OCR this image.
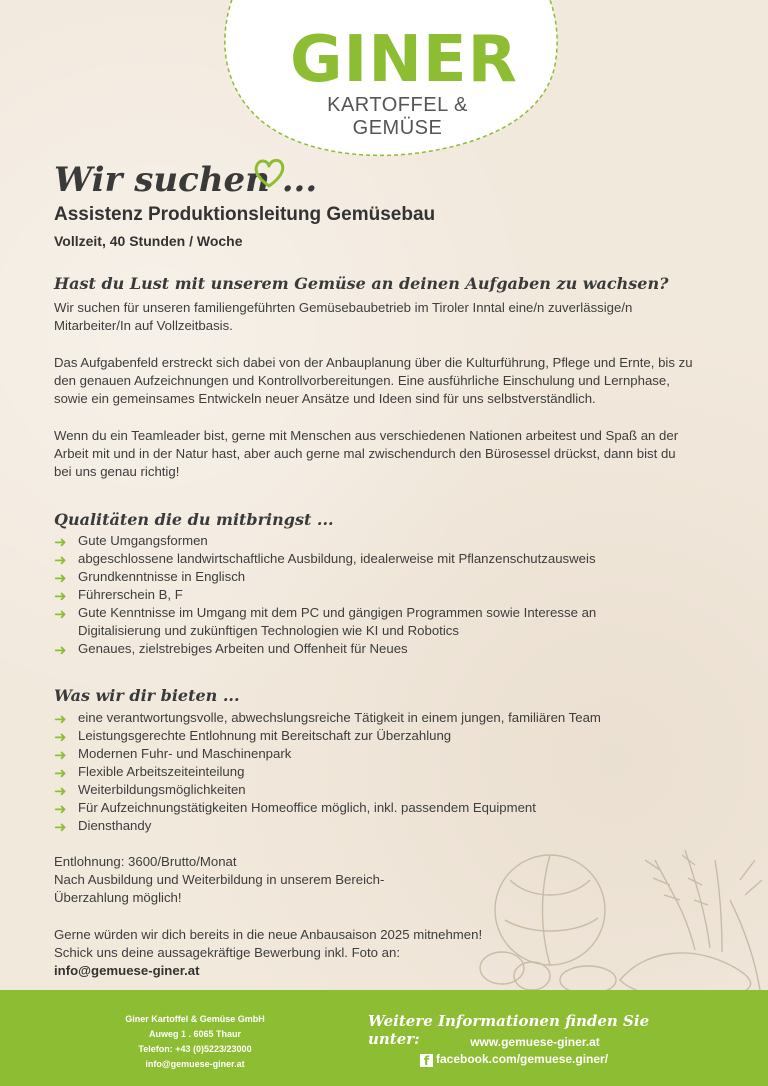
GINER
KARTOFFEL & GEMÜSE
Wir suchen ...
Assistenz Produktionsleitung Gemüsebau
Vollzeit, 40 Stunden / Woche
Hast du Lust mit unserem Gemüse an deinen Aufgaben zu wachsen?
Wir suchen für unseren familiengeführten Gemüsebaubetrieb im Tiroler Inntal eine/n zuverlässige/n Mitarbeiter/In auf Vollzeitbasis.
Das Aufgabenfeld erstreckt sich dabei von der Anbauplanung über die Kulturführung, Pflege und Ernte, bis zu den genauen Aufzeichnungen und Kontrollvorbereitungen. Eine ausführliche Einschulung und Lernphase, sowie ein gemeinsames Entwickeln neuer Ansätze und Ideen sind für uns selbstverständlich.
Wenn du ein Teamleader bist, gerne mit Menschen aus verschiedenen Nationen arbeitest und Spaß an der Arbeit mit und in der Natur hast, aber auch gerne mal zwischendurch den Bürosessel drückst, dann bist du bei uns genau richtig!
Qualitäten die du mitbringst ...
➜ Gute Umgangsformen
➜ abgeschlossene landwirtschaftliche Ausbildung, idealerweise mit Pflanzenschutzausweis
➜ Grundkenntnisse in Englisch
➜ Führerschein B, F
➜ Gute Kenntnisse im Umgang mit dem PC und gängigen Programmen sowie Interesse an Digitalisierung und zukünftigen Technologien wie KI und Robotics
➜ Genaues, zielstrebiges Arbeiten und Offenheit für Neues
Was wir dir bieten ...
➜ eine verantwortungsvolle, abwechslungsreiche Tätigkeit in einem jungen, familiären Team
➜ Leistungsgerechte Entlohnung mit Bereitschaft zur Überzahlung
➜ Modernen Fuhr- und Maschinenpark
➜ Flexible Arbeitszeiteinteilung
➜ Weiterbildungsmöglichkeiten
➜ Für Aufzeichnungstätigkeiten Homeoffice möglich, inkl. passendem Equipment
➜ Diensthandy
Entlohnung: 3600/Brutto/Monat
Nach Ausbildung und Weiterbildung in unserem Bereich-
Überzahlung möglich!
Gerne würden wir dich bereits in die neue Anbausaison 2025 mitnehmen!
Schick uns deine aussagekräftige Bewerbung inkl. Foto an:
info@gemuese-giner.at
Giner Kartoffel & Gemüse GmbH
Auweg 1 . 6065 Thaur
Telefon: +43 (0)5223/23000
info@gemuese-giner.at
Weitere Informationen finden Sie unter:	www.gemuese-giner.at
f facebook.com/gemuese.giner/
